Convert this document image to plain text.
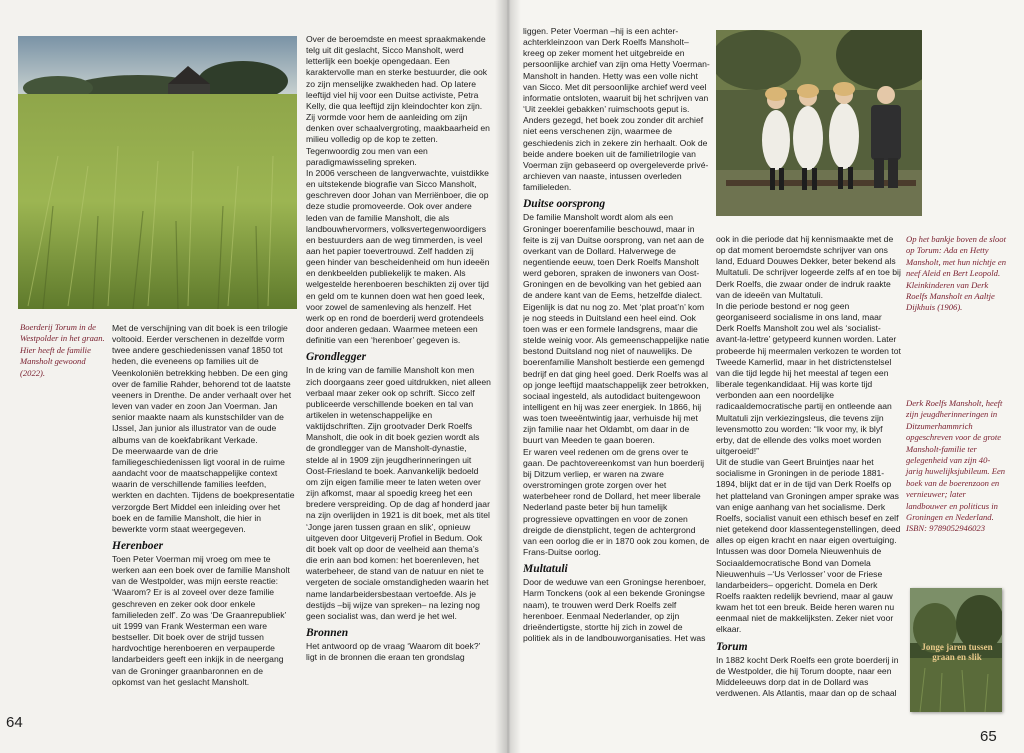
Boerderij Torum in de Westpolder in het graan. Hier heeft de familie Mansholt gewoond (2022).

Met de verschijning van dit boek is een trilogie voltooid. Eerder verschenen in dezelfde vorm twee andere geschiedenissen vanaf 1850 tot heden, die eveneens op families uit de Veenkoloniën betrekking hebben. De een ging over de familie Rahder, behorend tot de laatste veeners in Drenthe. De ander verhaalt over het leven van vader en zoon Jan Voerman. Jan senior maakte naam als kunstschilder van de IJssel, Jan junior als illustrator van de oude albums van de koekfabrikant Verkade.

De meerwaarde van de drie familiegeschiedenissen ligt vooral in de ruime aandacht voor de maatschappelijke context waarin de verschillende families leefden, werkten en dachten. Tijdens de boekpresentatie verzorgde Bert Middel een inleiding over het boek en de familie Mansholt, die hier in bewerkte vorm staat weergegeven.

Herenboer

Toen Peter Voerman mij vroeg om mee te werken aan een boek over de familie Mansholt van de Westpolder, was mijn eerste reactie: ‘Waarom? Er is al zoveel over deze familie geschreven en zeker ook door enkele familieleden zelf’. Zo was ‘De Graanrepubliek’ uit 1999 van Frank Westerman een ware bestseller. Dit boek over de strijd tussen hardvochtige herenboeren en verpauperde landarbeiders geeft een inkijk in de neergang van de Groninger graanbaronnen en de opkomst van het geslacht Mansholt.

Over de beroemdste en meest spraakmakende telg uit dit geslacht, Sicco Mansholt, werd letterlijk een boekje opengedaan. Een karaktervolle man en sterke bestuurder, die ook zo zijn menselijke zwakheden had. Op latere leeftijd viel hij voor een Duitse activiste, Petra Kelly, die qua leeftijd zijn kleindochter kon zijn. Zij vormde voor hem de aanleiding om zijn denken over schaalvergroting, maakbaarheid en milieu volledig op de kop te zetten. Tegenwoordig zou men van een paradigmawisseling spreken.

In 2006 verscheen de langverwachte, vuistdikke en uitstekende biografie van Sicco Mansholt, geschreven door Johan van Merriënboer, die op deze studie promoveerde. Ook over andere leden van de familie Mansholt, die als landbouwhervormers, volksvertegenwoordigers en bestuurders aan de weg timmerden, is veel aan het papier toevertrouwd. Zelf hadden zij geen hinder van bescheidenheid om hun ideeën en denkbeelden publiekelijk te maken. Als welgestelde herenboeren beschikten zij over tijd en geld om te kunnen doen wat hen goed leek, voor zowel de samenleving als henzelf. Het werk op en rond de boerderij werd grotendeels door anderen gedaan. Waarmee meteen een definitie van een ‘herenboer’ gegeven is.

Grondlegger

In de kring van de familie Mansholt kon men zich doorgaans zeer goed uitdrukken, niet alleen verbaal maar zeker ook op schrift. Sicco zelf publiceerde verschillende boeken en tal van artikelen in wetenschappelijke en vaktijdschriften. Zijn grootvader Derk Roelfs Mansholt, die ook in dit boek gezien wordt als de grondlegger van de Mansholt-dynastie, stelde al in 1909 zijn jeugdherinneringen uit Oost-Friesland te boek. Aanvankelijk bedoeld om zijn eigen familie meer te laten weten over zijn afkomst, maar al spoedig kreeg het een bredere verspreiding. Op de dag af honderd jaar na zijn overlijden in 1921 is dit boek, met als titel ‘Jonge jaren tussen graan en slik’, opnieuw uitgeven door Uitgeverij Profiel in Bedum. Ook dit boek valt op door de veelheid aan thema’s die erin aan bod komen: het boerenleven, het waterbeheer, de stand van de natuur en niet te vergeten de sociale omstandigheden waarin het name landarbeidersbestaan vertoefde. Als je destijds –bij wijze van spreken– na lezing nog geen socialist was, dan werd je het wel.

Bronnen

Het antwoord op de vraag ‘Waarom dit boek?’ ligt in de bronnen die eraan ten grondslag

64

liggen. Peter Voerman –hij is een achter-achterkleinzoon van Derk Roelfs Mansholt– kreeg op zeker moment het uitgebreide en persoonlijke archief van zijn oma Hetty Voerman-Mansholt in handen. Hetty was een volle nicht van Sicco. Met dit persoonlijke archief werd veel informatie ontsloten, waaruit bij het schrijven van ‘Uit zeeklei gebakken’ ruimschoots geput is. Anders gezegd, het boek zou zonder dit archief niet eens verschenen zijn, waarmee de geschiedenis zich in zekere zin herhaalt. Ook de beide andere boeken uit de familietrilogie van Voerman zijn gebaseerd op overgeleverde privé-archieven van naaste, intussen overleden familieleden.

Duitse oorsprong

De familie Mansholt wordt alom als een Groninger boerenfamilie beschouwd, maar in feite is zij van Duitse oorsprong, van net aan de overkant van de Dollard. Halverwege de negentiende eeuw, toen Derk Roelfs Mansholt werd geboren, spraken de inwoners van Oost-Groningen en de bevolking van het gebied aan de andere kant van de Eems, hetzelfde dialect. Eigenlijk is dat nu nog zo. Met ‘plat proat’n’ kom je nog steeds in Duitsland een heel eind. Ook toen was er een formele landsgrens, maar die stelde weinig voor. Als gemeenschappelijke natie bestond Duitsland nog niet of nauwelijks. De boerenfamilie Mansholt bestierde een gemengd bedrijf en dat ging heel goed. Derk Roelfs was al op jonge leeftijd maatschappelijk zeer betrokken, sociaal ingesteld, als autodidact buitengewoon intelligent en hij was zeer energiek. In 1866, hij was toen tweeëntwintig jaar, verhuisde hij met zijn familie naar het Oldambt, om daar in de buurt van Meeden te gaan boeren.

Er waren veel redenen om de grens over te gaan. De pachtovereenkomst van hun boerderij bij Ditzum verliep, er waren na zware overstromingen grote zorgen over het waterbeheer rond de Dollard, het meer liberale Nederland paste beter bij hun tamelijk progressieve opvattingen en voor de zonen dreigde de dienstplicht, tegen de achtergrond van een oorlog die er in 1870 ook zou komen, de Frans-Duitse oorlog.

Multatuli

Door de weduwe van een Groningse herenboer, Harm Tonckens (ook al een bekende Groningse naam), te trouwen werd Derk Roelfs zelf herenboer. Eenmaal Nederlander, op zijn drieëndertigste, stortte hij zich in zowel de politiek als in de landbouworganisaties. Het was

Op het bankje boven de sloot op Torum: Ada en Hetty Mansholt, met hun nichtje en neef Aleid en Bert Leopold. Kleinkinderen van Derk Roelfs Mansholt en Aaltje Dijkhuis (1906).

ook in die periode dat hij kennismaakte met de op dat moment beroemdste schrijver van ons land, Eduard Douwes Dekker, beter bekend als Multatuli. De schrijver logeerde zelfs af en toe bij Derk Roelfs, die zwaar onder de indruk raakte van de ideeën van Multatuli.

In die periode bestond er nog geen georganiseerd socialisme in ons land, maar Derk Roelfs Mansholt zou wel als ‘socialist-avant-la-lettre’ getypeerd kunnen worden. Later probeerde hij meermalen verkozen te worden tot Tweede Kamerlid, maar in het districtenstelsel van die tijd legde hij het meestal af tegen een liberale tegenkandidaat. Hij was korte tijd verbonden aan een noordelijke radicaaldemocratische partij en ontleende aan Multatuli zijn verkiezingsleus, die tevens zijn levensmotto zou worden: “Ik voor my, ik blyf erby, dat de ellende des volks moet worden uitgeroeid!”

Uit de studie van Geert Bruintjes naar het socialisme in Groningen in de periode 1881-1894, blijkt dat er in de tijd van Derk Roelfs op het platteland van Groningen amper sprake was van enige aanhang van het socialisme. Derk Roelfs, socialist vanuit een ethisch besef en zelf niet getekend door klassentegenstellingen, deed alles op eigen kracht en naar eigen overtuiging. Intussen was door Domela Nieuwenhuis de Sociaaldemocratische Bond van Domela Nieuwenhuis –‘Us Verlosser’ voor de Friese landarbeiders– opgericht. Domela en Derk Roelfs raakten redelijk bevriend, maar al gauw kwam het tot een breuk. Beide heren waren nu eenmaal niet de makkelijksten. Zeker niet voor elkaar.

Torum

In 1882 kocht Derk Roelfs een grote boerderij in de Westpolder, die hij Torum doopte, naar een Middeleeuws dorp dat in de Dollard was verdwenen. Als Atlantis, maar dan op de schaal

Derk Roelfs Mansholt, heeft zijn jeugdherinneringen in Ditzumerhammrich opgeschreven voor de grote Mansholt-familie ter gelegenheid van zijn 40-jarig huwelijksjubileum. Een boek van de boerenzoon en vernieuwer; later landbouwer en politicus in Groningen en Nederland. ISBN: 9789052946023

Jonge jaren tussen graan en slik
65
